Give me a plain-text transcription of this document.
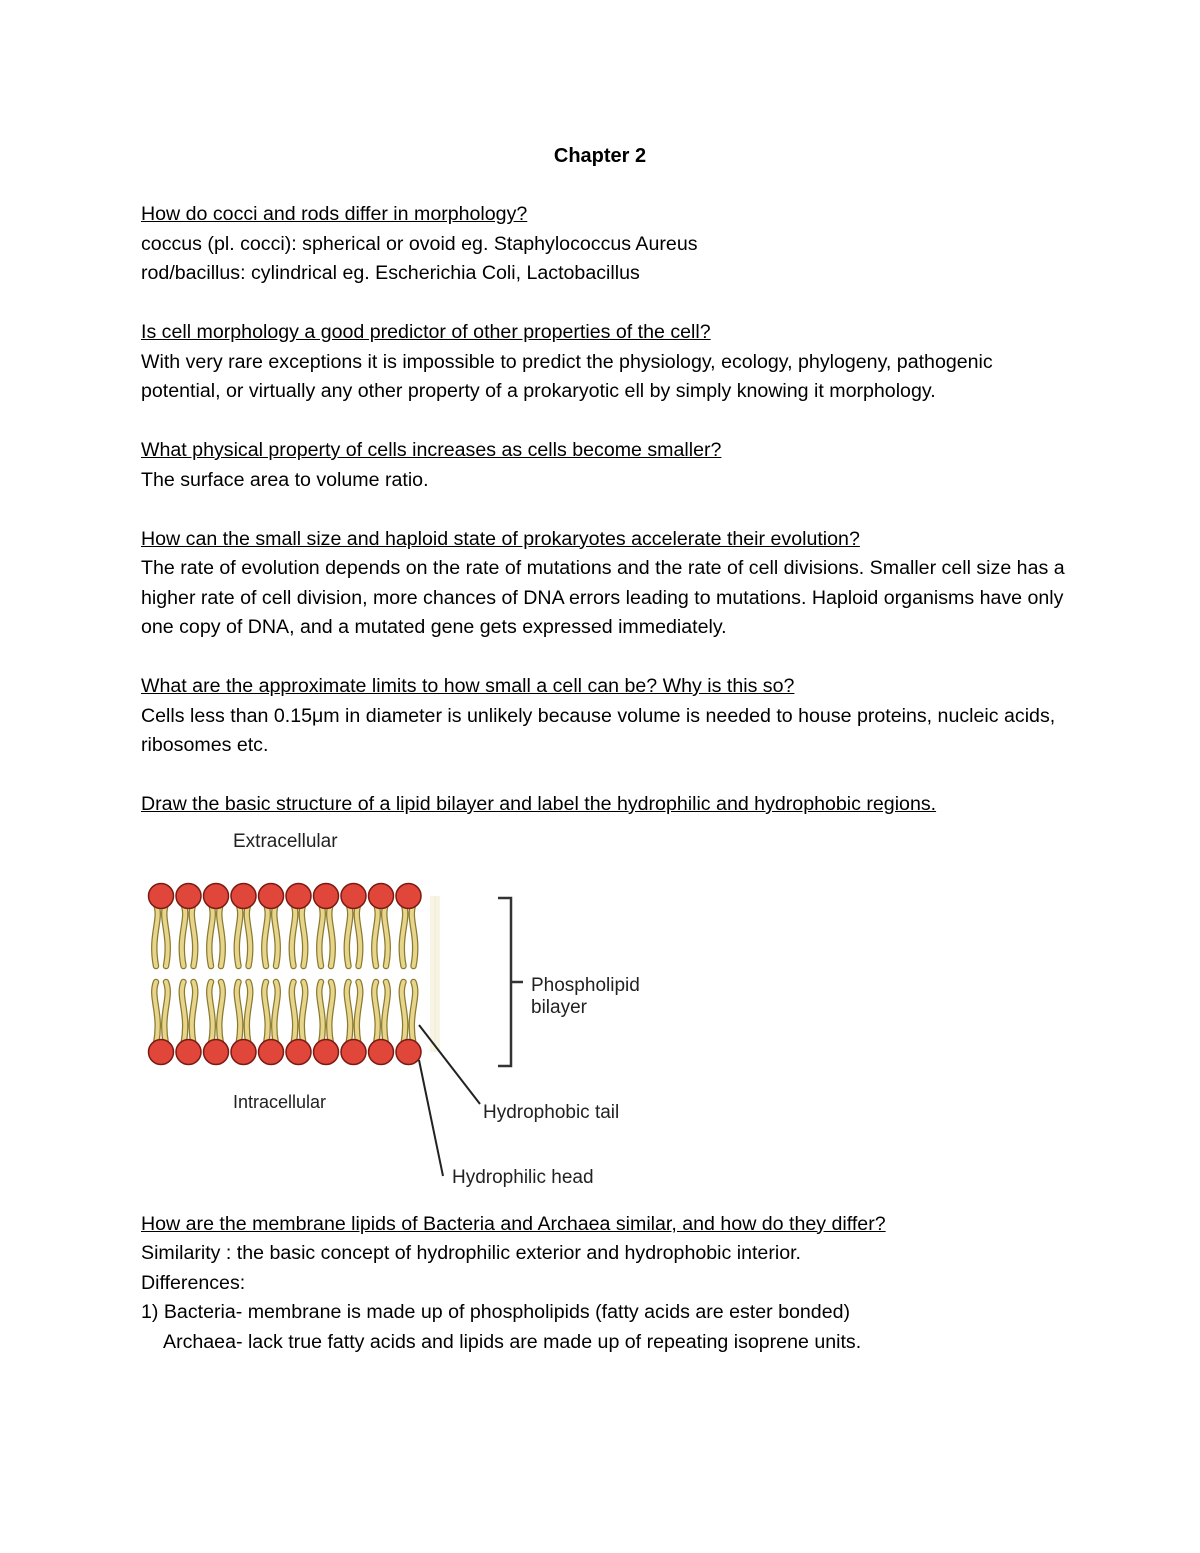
Chapter 2

How do cocci and rods differ in morphology?

coccus (pl. cocci): spherical or ovoid eg. Staphylococcus Aureus

rod/bacillus: cylindrical eg. Escherichia Coli, Lactobacillus

Is cell morphology a good predictor of other properties of the cell?

With very rare exceptions it is impossible to predict the physiology, ecology, phylogeny, pathogenic potential, or virtually any other property of a prokaryotic ell by simply knowing it morphology.

What physical property of cells increases as cells become smaller?

The surface area to volume ratio.

How can the small size and haploid state of prokaryotes accelerate their evolution?

The rate of evolution depends on the rate of mutations and the rate of cell divisions. Smaller cell size has a higher rate of cell division, more chances of DNA errors leading to mutations. Haploid organisms have only one copy of DNA, and a mutated gene gets expressed immediately.

What are the approximate limits to how small a cell can be? Why is this so?

Cells less than 0.15μm in diameter is unlikely because volume is needed to house proteins, nucleic acids, ribosomes etc.

Draw the basic structure of a lipid bilayer and label the hydrophilic and hydrophobic regions.

Extracellular
Intracellular
Phospholipid
bilayer
Hydrophobic tail
Hydrophilic head

How are the membrane lipids of Bacteria and Archaea similar, and how do they differ?

Similarity : the basic concept of hydrophilic exterior and hydrophobic interior.

Differences:

1) Bacteria- membrane is made up of phospholipids (fatty acids are ester bonded)

Archaea- lack true fatty acids and lipids are made up of repeating isoprene units.
